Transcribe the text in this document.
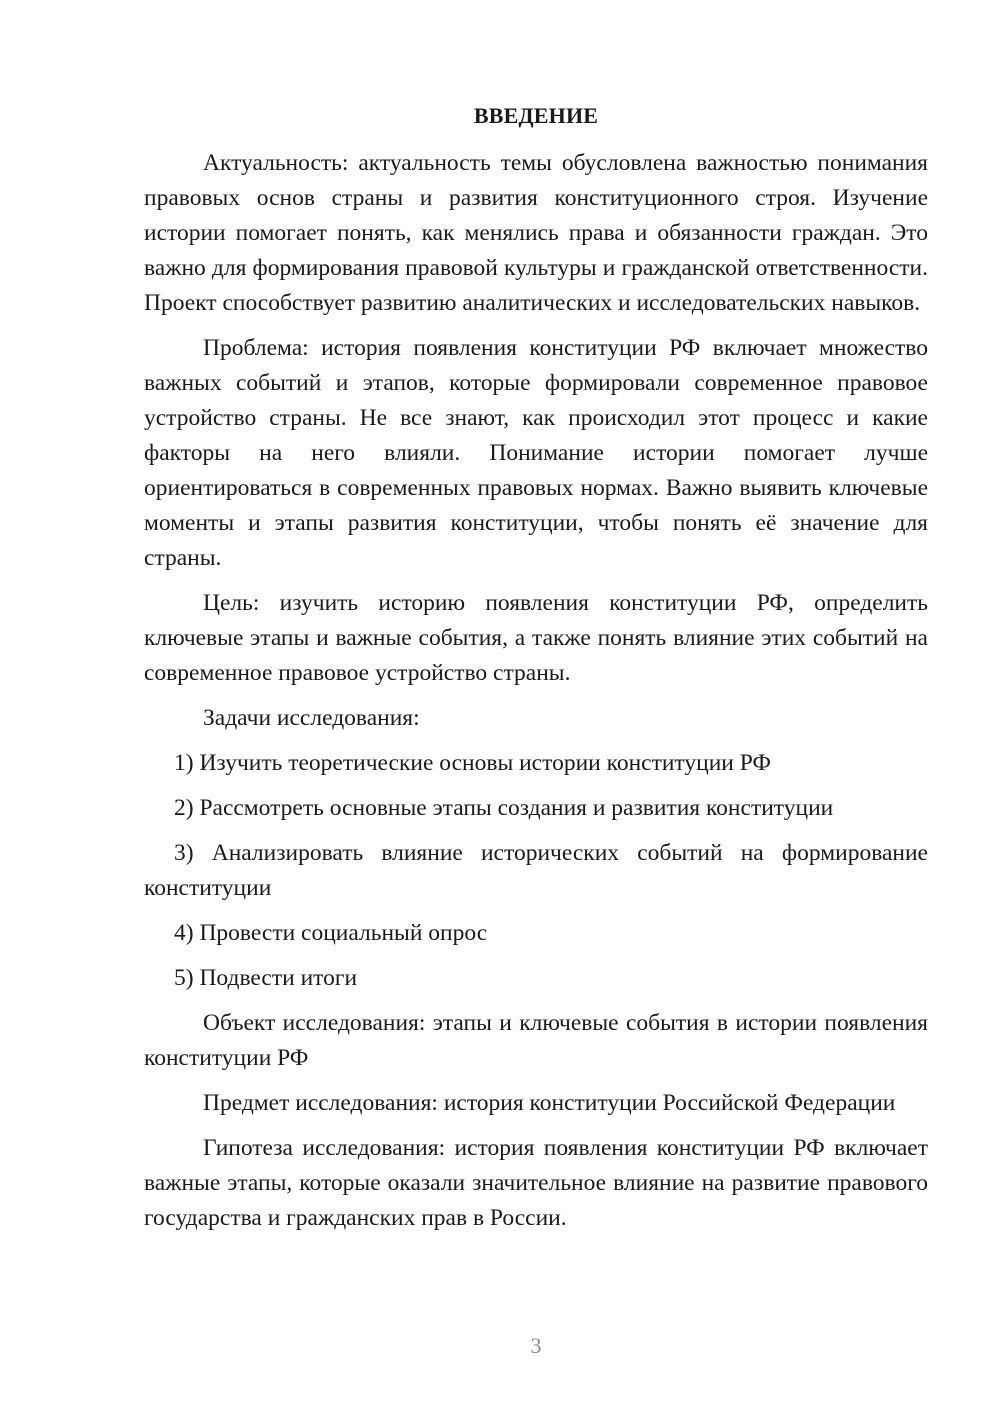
ВВЕДЕНИЕ

Актуальность: актуальность темы обусловлена важностью понимания правовых основ страны и развития конституционного строя. Изучение истории помогает понять, как менялись права и обязанности граждан. Это важно для формирования правовой культуры и гражданской ответственности. Проект способствует развитию аналитических и исследовательских навыков.

Проблема: история появления конституции РФ включает множество важных событий и этапов, которые формировали современное правовое устройство страны. Не все знают, как происходил этот процесс и какие факторы на него влияли. Понимание истории помогает лучше ориентироваться в современных правовых нормах. Важно выявить ключевые моменты и этапы развития конституции, чтобы понять её значение для страны.

Цель: изучить историю появления конституции РФ, определить ключевые этапы и важные события, а также понять влияние этих событий на современное правовое устройство страны.

Задачи исследования:

1) Изучить теоретические основы истории конституции РФ

2) Рассмотреть основные этапы создания и развития конституции

3) Анализировать влияние исторических событий на формирование конституции

4) Провести социальный опрос

5) Подвести итоги

Объект исследования: этапы и ключевые события в истории появления конституции РФ

Предмет исследования: история конституции Российской Федерации

Гипотеза исследования: история появления конституции РФ включает важные этапы, которые оказали значительное влияние на развитие правового государства и гражданских прав в России.

3
